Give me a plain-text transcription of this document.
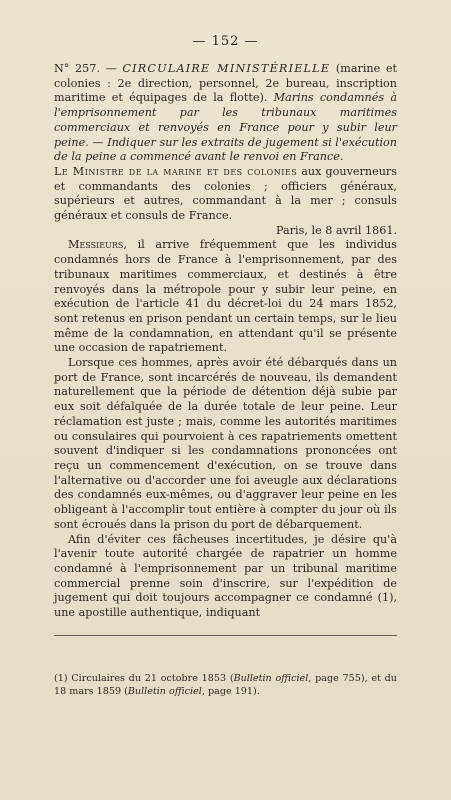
— 152 —

N° 257. — CIRCULAIRE MINISTÉRIELLE (marine et colonies : 2e direction, personnel, 2e bureau, inscription maritime et équipages de la flotte). Marins condamnés à l'emprisonnement par les tribunaux maritimes commerciaux et renvoyés en France pour y subir leur peine. — Indiquer sur les extraits de jugement si l'exécution de la peine a commencé avant le renvoi en France.

Le Ministre de la marine et des colonies aux gouverneurs et commandants des colonies ; officiers généraux, supérieurs et autres, commandant à la mer ; consuls généraux et consuls de France.

Paris, le 8 avril 1861.

Messieurs, il arrive fréquemment que les individus condamnés hors de France à l'emprisonnement, par des tribunaux maritimes commerciaux, et destinés à être renvoyés dans la métropole pour y subir leur peine, en exécution de l'article 41 du décret-loi du 24 mars 1852, sont retenus en prison pendant un certain temps, sur le lieu même de la condamnation, en attendant qu'il se présente une occasion de rapatriement.

Lorsque ces hommes, après avoir été débarqués dans un port de France, sont incarcérés de nouveau, ils demandent naturellement que la période de détention déjà subie par eux soit défalquée de la durée totale de leur peine. Leur réclamation est juste ; mais, comme les autorités maritimes ou consulaires qui pourvoient à ces rapatriements omettent souvent d'indiquer si les condamnations prononcées ont reçu un commencement d'exécution, on se trouve dans l'alternative ou d'accorder une foi aveugle aux déclarations des condamnés eux-mêmes, ou d'aggraver leur peine en les obligeant à l'accomplir tout entière à compter du jour où ils sont écroués dans la prison du port de débarquement.

Afin d'éviter ces fâcheuses incertitudes, je désire qu'à l'avenir toute autorité chargée de rapatrier un homme condamné à l'emprisonnement par un tribunal maritime commercial prenne soin d'inscrire, sur l'expédition de jugement qui doit toujours accompagner ce condamné (1), une apostille authentique, indiquant

(1) Circulaires du 21 octobre 1853 (Bulletin officiel, page 755), et du 18 mars 1859 (Bulletin officiel, page 191).
